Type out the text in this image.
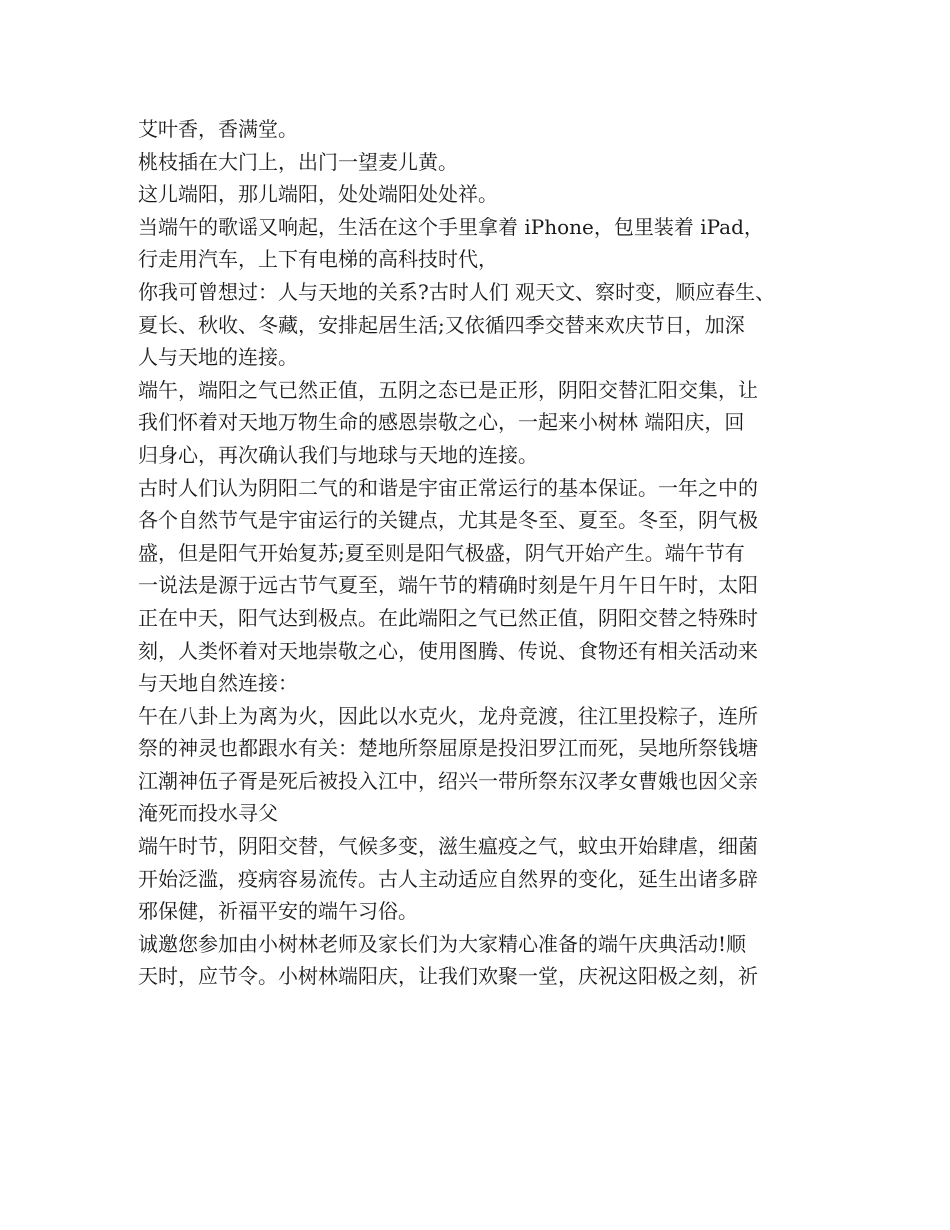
艾叶香，香满堂。

桃枝插在大门上，出门一望麦儿黄。

这儿端阳，那儿端阳，处处端阳处处祥。

当端午的歌谣又响起，生活在这个手里拿着 iPhone，包里装着 iPad，
行走用汽车，上下有电梯的高科技时代，

你我可曾想过：人与天地的关系?古时人们 观天文、察时变，顺应春生、
夏长、秋收、冬藏，安排起居生活;又依循四季交替来欢庆节日，加深
人与天地的连接。

端午，端阳之气已然正值，五阴之态已是正形，阴阳交替汇阳交集，让
我们怀着对天地万物生命的感恩崇敬之心，一起来小树林 端阳庆，回
归身心，再次确认我们与地球与天地的连接。

古时人们认为阴阳二气的和谐是宇宙正常运行的基本保证。一年之中的
各个自然节气是宇宙运行的关键点，尤其是冬至、夏至。冬至，阴气极
盛，但是阳气开始复苏;夏至则是阳气极盛，阴气开始产生。端午节有
一说法是源于远古节气夏至，端午节的精确时刻是午月午日午时，太阳
正在中天，阳气达到极点。在此端阳之气已然正值，阴阳交替之特殊时
刻，人类怀着对天地崇敬之心，使用图腾、传说、食物还有相关活动来
与天地自然连接：

午在八卦上为离为火，因此以水克火，龙舟竞渡，往江里投粽子，连所
祭的神灵也都跟水有关：楚地所祭屈原是投汨罗江而死，吴地所祭钱塘
江潮神伍子胥是死后被投入江中，绍兴一带所祭东汉孝女曹娥也因父亲
淹死而投水寻父

端午时节，阴阳交替，气候多变，滋生瘟疫之气，蚊虫开始肆虐，细菌
开始泛滥，疫病容易流传。古人主动适应自然界的变化，延生出诸多辟
邪保健，祈福平安的端午习俗。

诚邀您参加由小树林老师及家长们为大家精心准备的端午庆典活动!顺
天时，应节令。小树林端阳庆，让我们欢聚一堂，庆祝这阳极之刻，祈
